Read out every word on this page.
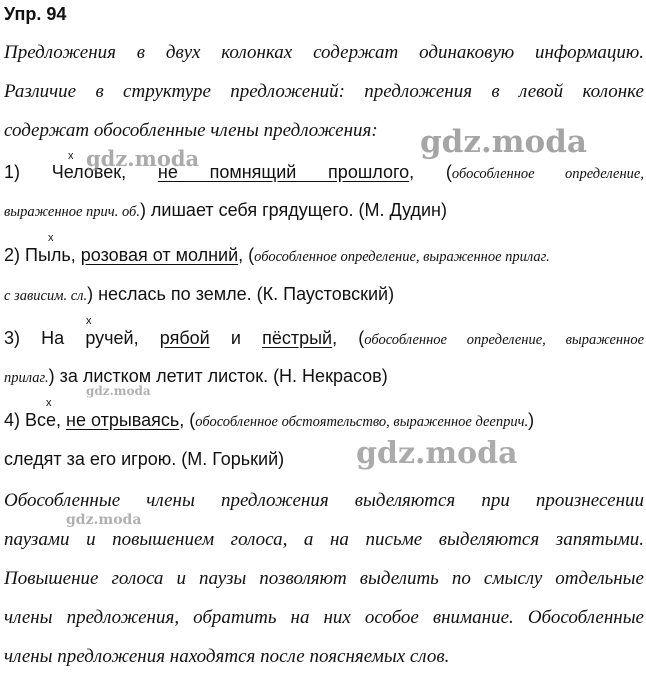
Упр. 94
Предложения в двух колонках содержат одинаковую информацию.
Различие в структуре предложений: предложения в левой колонке
содержат обособленные члены предложения:
x
1) Человек, не помнящий прошлого, (обособленное определение,
выраженное прич. об.) лишает себя грядущего. (М. Дудин)
x
2) Пыль, розовая от молний, (обособленное определение, выраженное прилаг.
с зависим. сл.) неслась по земле. (К. Паустовский)
x
3) На ручей, рябой и пёстрый, (обособленное определение, выраженное
прилаг.) за листком летит листок. (Н. Некрасов)
x
4) Все, не отрываясь, (обособленное обстоятельство, выраженное дееприч.)
следят за его игрою. (М. Горький)
Обособленные члены предложения выделяются при произнесении
паузами и повышением голоса, а на письме выделяются запятыми.
Повышение голоса и паузы позволяют выделить по смыслу отдельные
члены предложения, обратить на них особое внимание. Обособленные
члены предложения находятся после поясняемых слов.
gdz.moda
gdz.moda
gdz.moda
gdz.moda
gdz.moda
